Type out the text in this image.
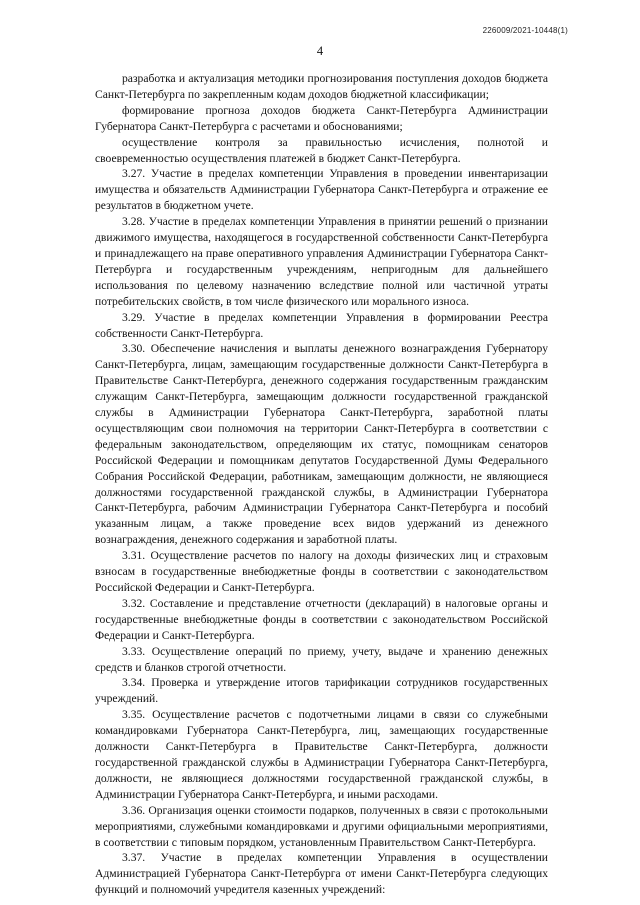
226009/2021-10448(1)
4

разработка и актуализация методики прогнозирования поступления доходов бюджета Санкт-Петербурга по закрепленным кодам доходов бюджетной классификации;

формирование прогноза доходов бюджета Санкт-Петербурга Администрации Губернатора Санкт-Петербурга с расчетами и обоснованиями;

осуществление контроля за правильностью исчисления, полнотой и своевременностью осуществления платежей в бюджет Санкт-Петербурга.

3.27. Участие в пределах компетенции Управления в проведении инвентаризации имущества и обязательств Администрации Губернатора Санкт-Петербурга и отражение ее результатов в бюджетном учете.

3.28. Участие в пределах компетенции Управления в принятии решений о признании движимого имущества, находящегося в государственной собственности Санкт-Петербурга и принадлежащего на праве оперативного управления Администрации Губернатора Санкт-Петербурга и государственным учреждениям, непригодным для дальнейшего использования по целевому назначению вследствие полной или частичной утраты потребительских свойств, в том числе физического или морального износа.

3.29. Участие в пределах компетенции Управления в формировании Реестра собственности Санкт-Петербурга.

3.30. Обеспечение начисления и выплаты денежного вознаграждения Губернатору Санкт-Петербурга, лицам, замещающим государственные должности Санкт-Петербурга в Правительстве Санкт-Петербурга, денежного содержания государственным гражданским служащим Санкт-Петербурга, замещающим должности государственной гражданской службы в Администрации Губернатора Санкт-Петербурга, заработной платы осуществляющим свои полномочия на территории Санкт-Петербурга в соответствии с федеральным законодательством, определяющим их статус, помощникам сенаторов Российской Федерации и помощникам депутатов Государственной Думы Федерального Собрания Российской Федерации, работникам, замещающим должности, не являющиеся должностями государственной гражданской службы, в Администрации Губернатора Санкт-Петербурга, рабочим Администрации Губернатора Санкт-Петербурга и пособий указанным лицам, а также проведение всех видов удержаний из денежного вознаграждения, денежного содержания и заработной платы.

3.31. Осуществление расчетов по налогу на доходы физических лиц и страховым взносам в государственные внебюджетные фонды в соответствии с законодательством Российской Федерации и Санкт-Петербурга.

3.32. Составление и представление отчетности (деклараций) в налоговые органы и государственные внебюджетные фонды в соответствии с законодательством Российской Федерации и Санкт-Петербурга.

3.33. Осуществление операций по приему, учету, выдаче и хранению денежных средств и бланков строгой отчетности.

3.34. Проверка и утверждение итогов тарификации сотрудников государственных учреждений.

3.35. Осуществление расчетов с подотчетными лицами в связи со служебными командировками Губернатора Санкт-Петербурга, лиц, замещающих государственные должности Санкт-Петербурга в Правительстве Санкт-Петербурга, должности государственной гражданской службы в Администрации Губернатора Санкт-Петербурга, должности, не являющиеся должностями государственной гражданской службы, в Администрации Губернатора Санкт-Петербурга, и иными расходами.

3.36. Организация оценки стоимости подарков, полученных в связи с протокольными мероприятиями, служебными командировками и другими официальными мероприятиями, в соответствии с типовым порядком, установленным Правительством Санкт-Петербурга.

3.37. Участие в пределах компетенции Управления в осуществлении Администрацией Губернатора Санкт-Петербурга от имени Санкт-Петербурга следующих функций и полномочий учредителя казенных учреждений:
